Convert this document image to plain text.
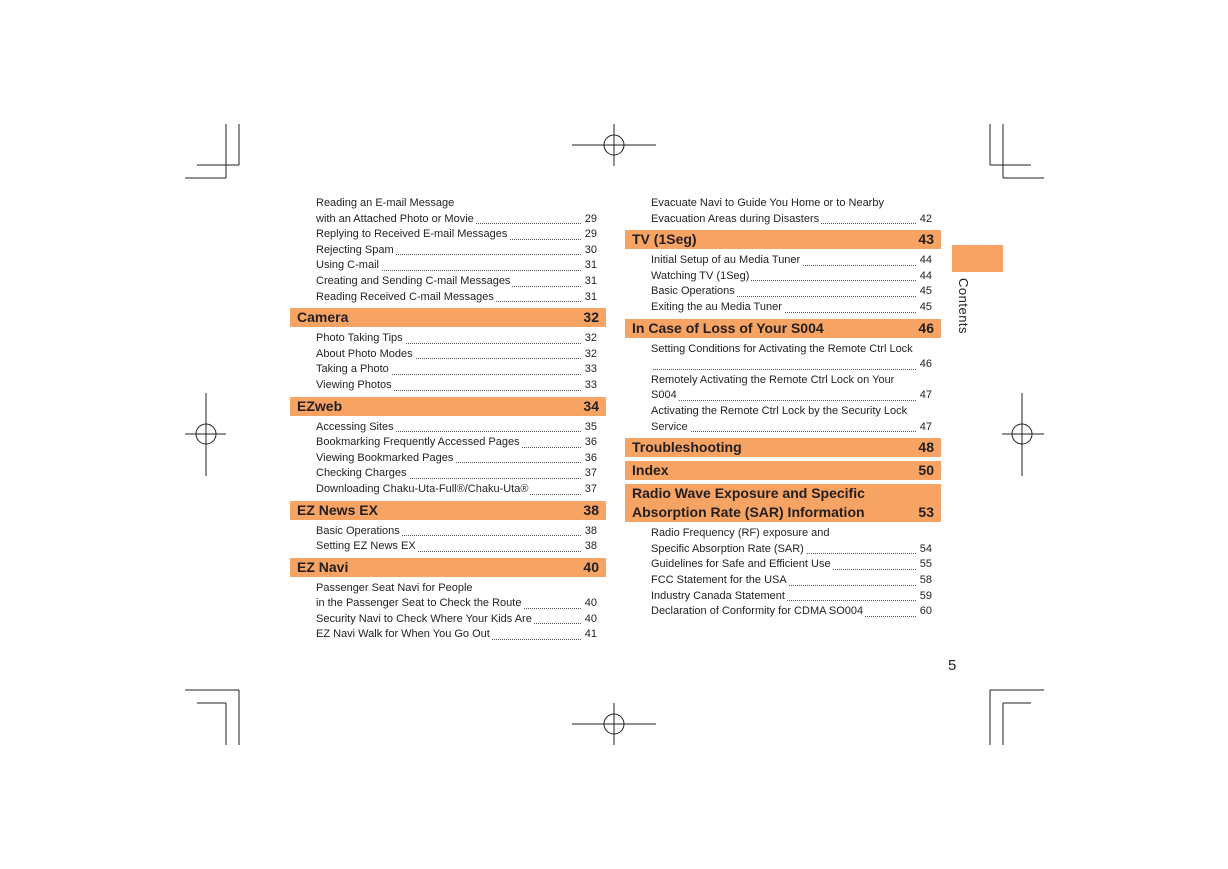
Reading an E-mail Message
with an Attached Photo or Movie	29
Replying to Received E-mail Messages	29
Rejecting Spam	30
Using C-mail	31
Creating and Sending C-mail Messages	31
Reading Received C-mail Messages	31
Camera	32
Photo Taking Tips	32
About Photo Modes	32
Taking a Photo	33
Viewing Photos	33
EZweb	34
Accessing Sites	35
Bookmarking Frequently Accessed Pages	36
Viewing Bookmarked Pages	36
Checking Charges	37
Downloading Chaku-Uta-Full®/Chaku-Uta®	37
EZ News EX	38
Basic Operations	38
Setting EZ News EX	38
EZ Navi	40
Passenger Seat Navi for People
in the Passenger Seat to Check the Route	40
Security Navi to Check Where Your Kids Are	40
EZ Navi Walk for When You Go Out	41
Evacuate Navi to Guide You Home or to Nearby
Evacuation Areas during Disasters	42
TV (1Seg)	43
Initial Setup of au Media Tuner	44
Watching TV (1Seg)	44
Basic Operations	45
Exiting the au Media Tuner	45
In Case of Loss of Your S004	46
Setting Conditions for Activating the Remote Ctrl Lock
46
Remotely Activating the Remote Ctrl Lock on Your
S004	47
Activating the Remote Ctrl Lock by the Security Lock
Service	47
Troubleshooting	48
Index	50
Radio Wave Exposure and Specific Absorption Rate (SAR) Information	53
Radio Frequency (RF) exposure and
Specific Absorption Rate (SAR)	54
Guidelines for Safe and Efficient Use	55
FCC Statement for the USA	58
Industry Canada Statement	59
Declaration of Conformity for CDMA SO004	60
Contents
5
